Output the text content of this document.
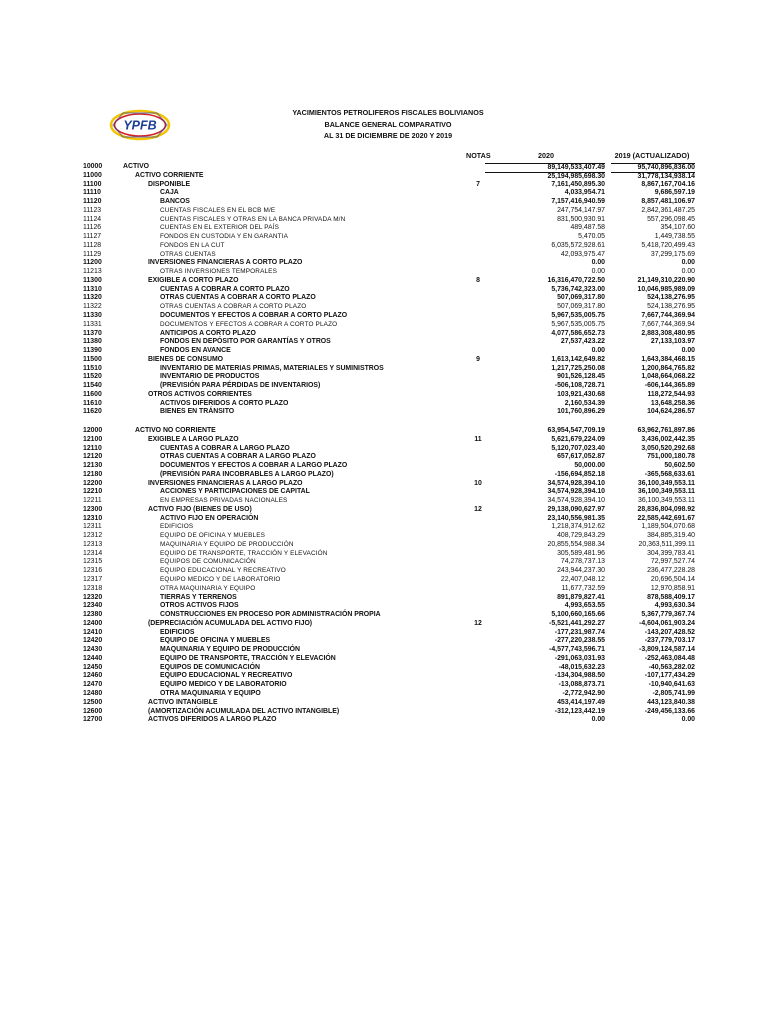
YPFB
YACIMIENTOS PETROLIFEROS FISCALES BOLIVIANOS
BALANCE GENERAL COMPARATIVO
AL 31 DE DICIEMBRE DE 2020 Y 2019
NOTAS	2020	2019 (ACTUALIZADO)
10000	ACTIVO	89,149,533,407.49	95,740,896,836.00
11000	ACTIVO CORRIENTE	25,194,985,698.30	31,778,134,938.14
11100	DISPONIBLE	7	7,161,450,895.30	8,867,167,704.16
11110	CAJA	4,033,954.71	9,686,597.19
11120	BANCOS	7,157,416,940.59	8,857,481,106.97
11123	CUENTAS FISCALES EN EL BCB M/E	247,754,147.97	2,842,361,487.25
11124	CUENTAS FISCALES Y OTRAS EN LA BANCA PRIVADA M/N	831,500,930.91	557,296,098.45
11126	CUENTAS EN EL EXTERIOR DEL PAÍS	489,487.58	354,107.60
11127	FONDOS EN CUSTODIA Y EN GARANTIA	5,470.05	1,449,738.55
11128	FONDOS EN LA CUT	6,035,572,928.61	5,418,720,499.43
11129	OTRAS CUENTAS	42,093,975.47	37,299,175.69
11200	INVERSIONES FINANCIERAS A CORTO PLAZO	0.00	0.00
11213	OTRAS INVERSIONES TEMPORALES	0.00	0.00
11300	EXIGIBLE A CORTO PLAZO	8	16,316,470,722.50	21,149,310,220.90
11310	CUENTAS A COBRAR A CORTO PLAZO	5,736,742,323.00	10,046,985,989.09
11320	OTRAS CUENTAS A COBRAR A CORTO PLAZO	507,069,317.80	524,138,276.95
11322	OTRAS CUENTAS A COBRAR A CORTO PLAZO	507,069,317.80	524,138,276.95
11330	DOCUMENTOS Y EFECTOS A COBRAR A CORTO PLAZO	5,967,535,005.75	7,667,744,369.94
11331	DOCUMENTOS Y EFECTOS A COBRAR A CORTO PLAZO	5,967,535,005.75	7,667,744,369.94
11370	ANTICIPOS A CORTO PLAZO	4,077,586,652.73	2,883,308,480.95
11380	FONDOS EN DEPÓSITO POR GARANTÍAS Y OTROS	27,537,423.22	27,133,103.97
11390	FONDOS EN AVANCE	0.00	0.00
11500	BIENES DE CONSUMO	9	1,613,142,649.82	1,643,384,468.15
11510	INVENTARIO DE MATERIAS PRIMAS, MATERIALES Y SUMINISTROS	1,217,725,250.08	1,200,864,765.82
11520	INVENTARIO DE PRODUCTOS	901,526,128.45	1,048,664,068.22
11540	(PREVISIÓN PARA PÉRDIDAS DE INVENTARIOS)	-506,108,728.71	-606,144,365.89
11600	OTROS ACTIVOS CORRIENTES	103,921,430.68	118,272,544.93
11610	ACTIVOS DIFERIDOS A CORTO PLAZO	2,160,534.39	13,648,258.36
11620	BIENES EN TRÁNSITO	101,760,896.29	104,624,286.57
12000	ACTIVO NO CORRIENTE	63,954,547,709.19	63,962,761,897.86
12100	EXIGIBLE A LARGO PLAZO	11	5,621,679,224.09	3,436,002,442.35
12110	CUENTAS A COBRAR A LARGO PLAZO	5,120,707,023.40	3,050,520,292.68
12120	OTRAS CUENTAS A COBRAR A LARGO PLAZO	657,617,052.87	751,000,180.78
12130	DOCUMENTOS Y EFECTOS A COBRAR A LARGO PLAZO	50,000.00	50,602.50
12180	(PREVISIÓN PARA INCOBRABLES A LARGO PLAZO)	-156,694,852.18	-365,568,633.61
12200	INVERSIONES FINANCIERAS A LARGO PLAZO	10	34,574,928,394.10	36,100,349,553.11
12210	ACCIONES Y PARTICIPACIONES DE CAPITAL	34,574,928,394.10	36,100,349,553.11
12211	EN EMPRESAS PRIVADAS NACIONALES	34,574,928,394.10	36,100,349,553.11
12300	ACTIVO FIJO (BIENES DE USO)	12	29,138,090,627.97	28,836,804,098.92
12310	ACTIVO FIJO EN OPERACIÓN	23,140,556,981.35	22,585,442,691.67
12311	EDIFICIOS	1,218,374,912.62	1,189,504,070.68
12312	EQUIPO DE OFICINA Y MUEBLES	408,729,843.29	384,885,319.40
12313	MAQUINARIA Y EQUIPO DE PRODUCCIÓN	20,855,554,988.34	20,363,511,399.11
12314	EQUIPO DE TRANSPORTE, TRACCIÓN Y ELEVACIÓN	305,589,481.96	304,399,783.41
12315	EQUIPOS DE COMUNICACIÓN	74,278,737.13	72,997,527.74
12316	EQUIPO EDUCACIONAL Y RECREATIVO	243,944,237.30	236,477,228.28
12317	EQUIPO MEDICO Y DE LABORATORIO	22,407,048.12	20,696,504.14
12318	OTRA MAQUINARIA Y EQUIPO	11,677,732.59	12,970,858.91
12320	TIERRAS Y TERRENOS	891,879,827.41	878,588,409.17
12340	OTROS ACTIVOS FIJOS	4,993,653.55	4,993,630.34
12380	CONSTRUCCIONES EN PROCESO POR ADMINISTRACIÓN PROPIA	5,100,660,165.66	5,367,779,367.74
12400	(DEPRECIACIÓN ACUMULADA DEL ACTIVO FIJO)	12	-5,521,441,292.27	-4,604,061,903.24
12410	EDIFICIOS	-177,231,987.74	-143,207,428.52
12420	EQUIPO DE OFICINA Y MUEBLES	-277,220,238.55	-237,779,703.17
12430	MAQUINARIA Y EQUIPO DE PRODUCCIÓN	-4,577,743,596.71	-3,809,124,587.14
12440	EQUIPO DE TRANSPORTE, TRACCIÓN Y ELEVACIÓN	-291,063,031.93	-252,463,084.48
12450	EQUIPOS DE COMUNICACIÓN	-48,015,632.23	-40,563,282.02
12460	EQUIPO EDUCACIONAL Y RECREATIVO	-134,304,988.50	-107,177,434.29
12470	EQUIPO MEDICO Y DE LABORATORIO	-13,088,873.71	-10,940,641.63
12480	OTRA MAQUINARIA Y EQUIPO	-2,772,942.90	-2,805,741.99
12500	ACTIVO INTANGIBLE	453,414,197.49	443,123,840.38
12600	(AMORTIZACIÓN ACUMULADA DEL ACTIVO INTANGIBLE)	-312,123,442.19	-249,456,133.66
12700	ACTIVOS DIFERIDOS A LARGO PLAZO	0.00	0.00
